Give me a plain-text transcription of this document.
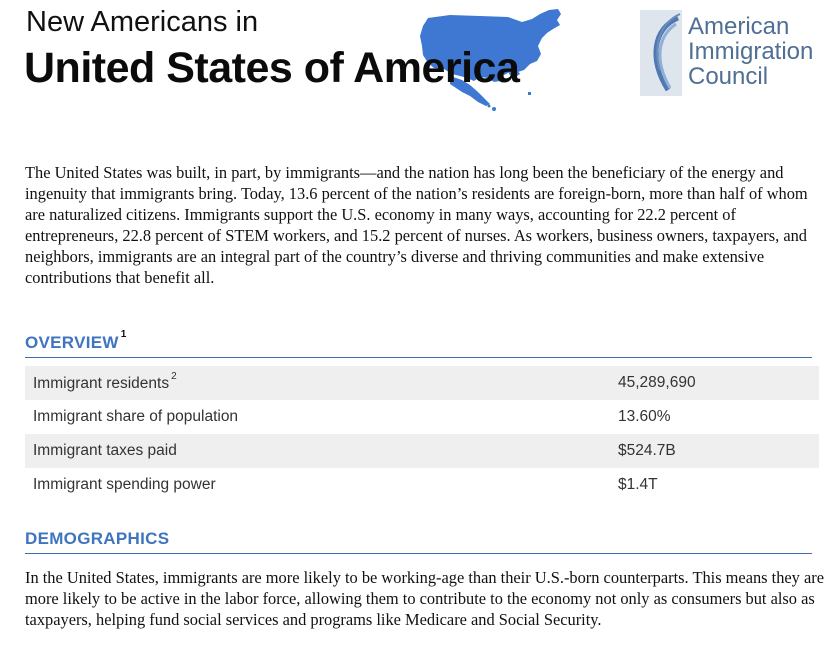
New Americans in
United States of America
American
Immigration
Council

The United States was built, in part, by immigrants—and the nation has long been the beneficiary of the energy and ingenuity that immigrants bring. Today, 13.6 percent of the nation’s residents are foreign-born, more than half of whom are naturalized citizens. Immigrants support the U.S. economy in many ways, accounting for 22.2 percent of entrepreneurs, 22.8 percent of STEM workers, and 15.2 percent of nurses. As workers, business owners, taxpayers, and neighbors, immigrants are an integral part of the country’s diverse and thriving communities and make extensive contributions that benefit all.

OVERVIEW $^1$
Immigrant residents $^2$	45,289,690
Immigrant share of population	13.60%
Immigrant taxes paid	$524.7B
Immigrant spending power	$1.4T
DEMOGRAPHICS

In the United States, immigrants are more likely to be working-age than their U.S.-born counterparts. This means they are more likely to be active in the labor force, allowing them to contribute to the economy not only as consumers but also as taxpayers, helping fund social services and programs like Medicare and Social Security.
